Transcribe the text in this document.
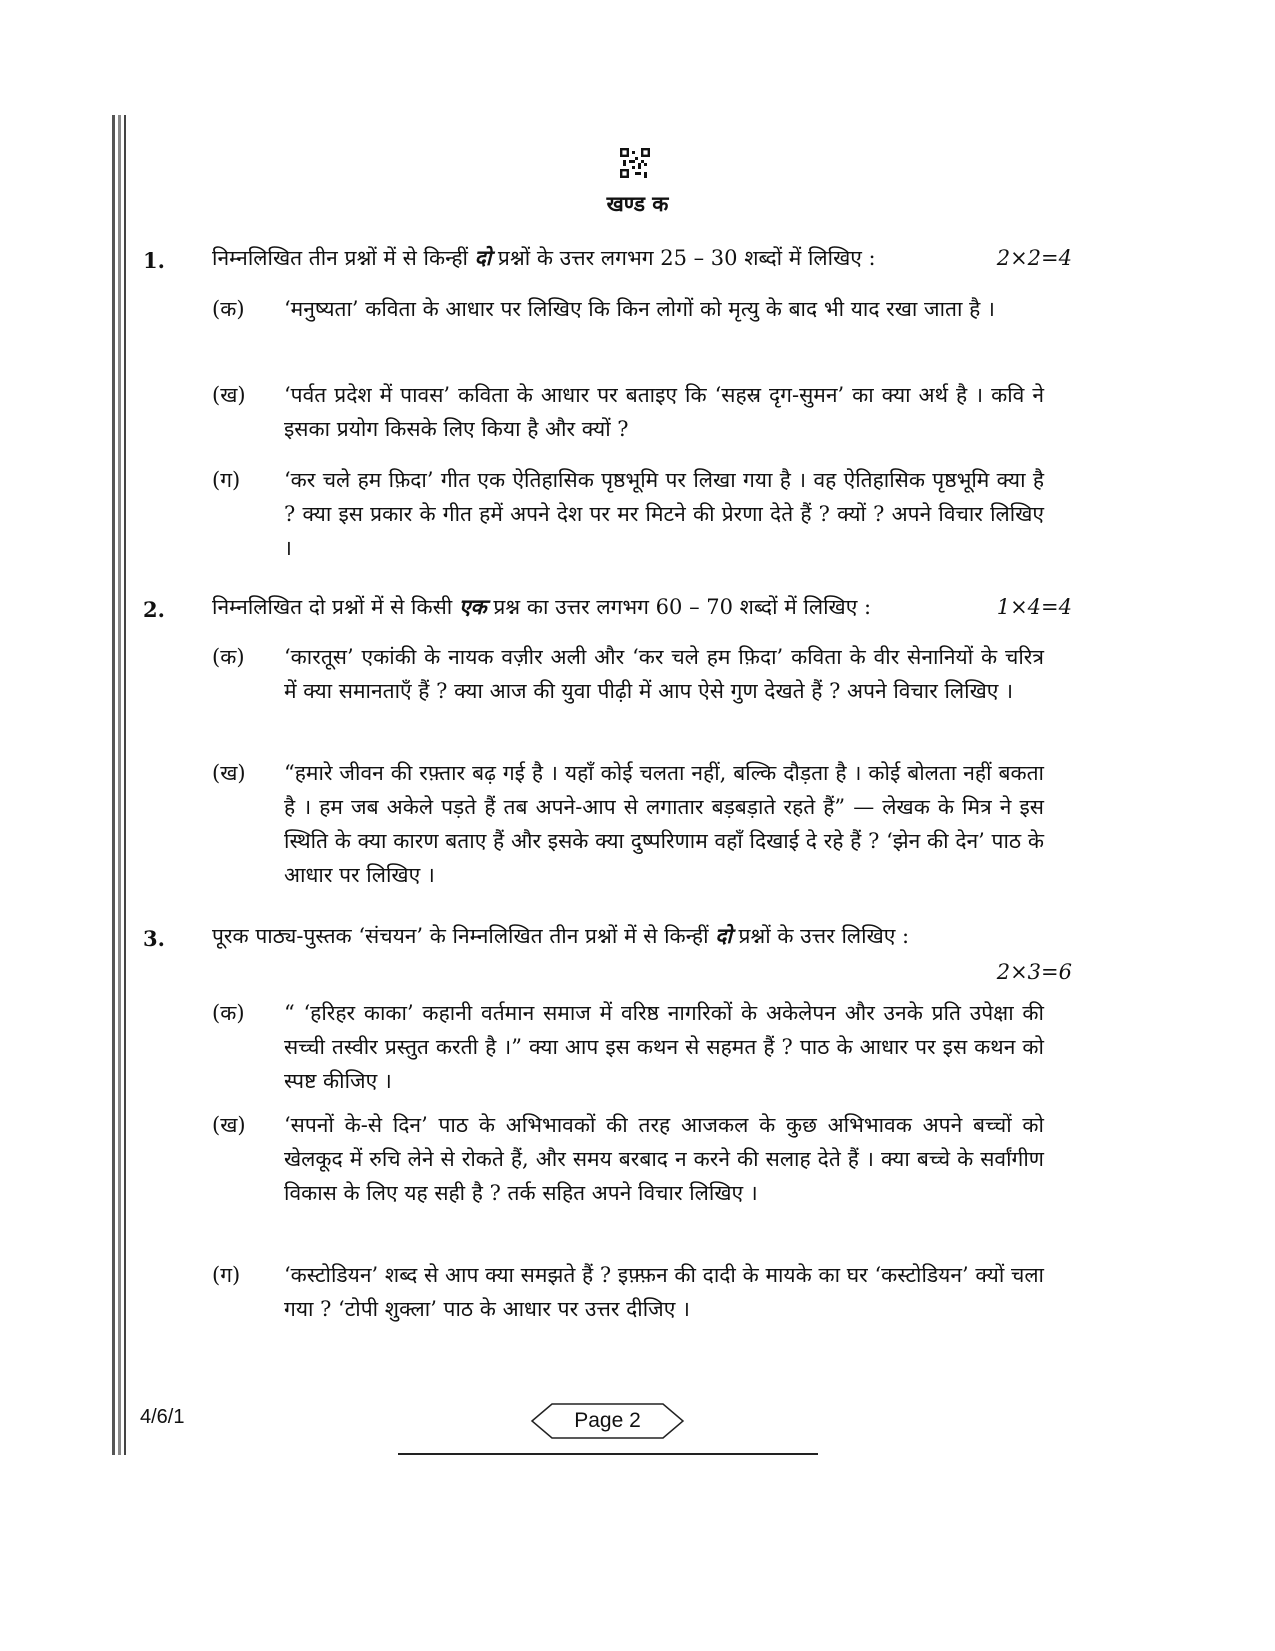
खण्ड क
1.	2×2=4
निम्नलिखित तीन प्रश्नों में से किन्हीं दो प्रश्नों के उत्तर लगभग 25 – 30 शब्दों में लिखिए :
(क) ‘मनुष्यता’ कविता के आधार पर लिखिए कि किन लोगों को मृत्यु के बाद भी याद रखा जाता है ।
(ख) ‘पर्वत प्रदेश में पावस’ कविता के आधार पर बताइए कि ‘सहस्र दृग-सुमन’ का क्या अर्थ है । कवि ने इसका प्रयोग किसके लिए किया है और क्यों ?
(ग) ‘कर चले हम फ़िदा’ गीत एक ऐतिहासिक पृष्ठभूमि पर लिखा गया है । वह ऐतिहासिक पृष्ठभूमि क्या है ? क्या इस प्रकार के गीत हमें अपने देश पर मर मिटने की प्रेरणा देते हैं ? क्यों ? अपने विचार लिखिए ।
2.	1×4=4
निम्नलिखित दो प्रश्नों में से किसी एक प्रश्न का उत्तर लगभग 60 – 70 शब्दों में लिखिए :
(क) ‘कारतूस’ एकांकी के नायक वज़ीर अली और ‘कर चले हम फ़िदा’ कविता के वीर सेनानियों के चरित्र में क्या समानताएँ हैं ? क्या आज की युवा पीढ़ी में आप ऐसे गुण देखते हैं ? अपने विचार लिखिए ।
(ख) “हमारे जीवन की रफ़्तार बढ़ गई है । यहाँ कोई चलता नहीं, बल्कि दौड़ता है । कोई बोलता नहीं बकता है । हम जब अकेले पड़ते हैं तब अपने-आप से लगातार बड़बड़ाते रहते हैं” — लेखक के मित्र ने इस स्थिति के क्या कारण बताए हैं और इसके क्या दुष्परिणाम वहाँ दिखाई दे रहे हैं ? ‘झेन की देन’ पाठ के आधार पर लिखिए ।
3. पूरक पाठ्य-पुस्तक ‘संचयन’ के निम्नलिखित तीन प्रश्नों में से किन्हीं दो प्रश्नों के उत्तर लिखिए :
2×3=6
(क) “ ‘हरिहर काका’ कहानी वर्तमान समाज में वरिष्ठ नागरिकों के अकेलेपन और उनके प्रति उपेक्षा की सच्ची तस्वीर प्रस्तुत करती है ।” क्या आप इस कथन से सहमत हैं ? पाठ के आधार पर इस कथन को स्पष्ट कीजिए ।
(ख) ‘सपनों के-से दिन’ पाठ के अभिभावकों की तरह आजकल के कुछ अभिभावक अपने बच्चों को खेलकूद में रुचि लेने से रोकते हैं, और समय बरबाद न करने की सलाह देते हैं । क्या बच्चे के सर्वांगीण विकास के लिए यह सही है ? तर्क सहित अपने विचार लिखिए ।
(ग) ‘कस्टोडियन’ शब्द से आप क्या समझते हैं ? इफ़्फ़न की दादी के मायके का घर ‘कस्टोडियन’ क्यों चला गया ? ‘टोपी शुक्ला’ पाठ के आधार पर उत्तर दीजिए ।
4/6/1	Page 2
